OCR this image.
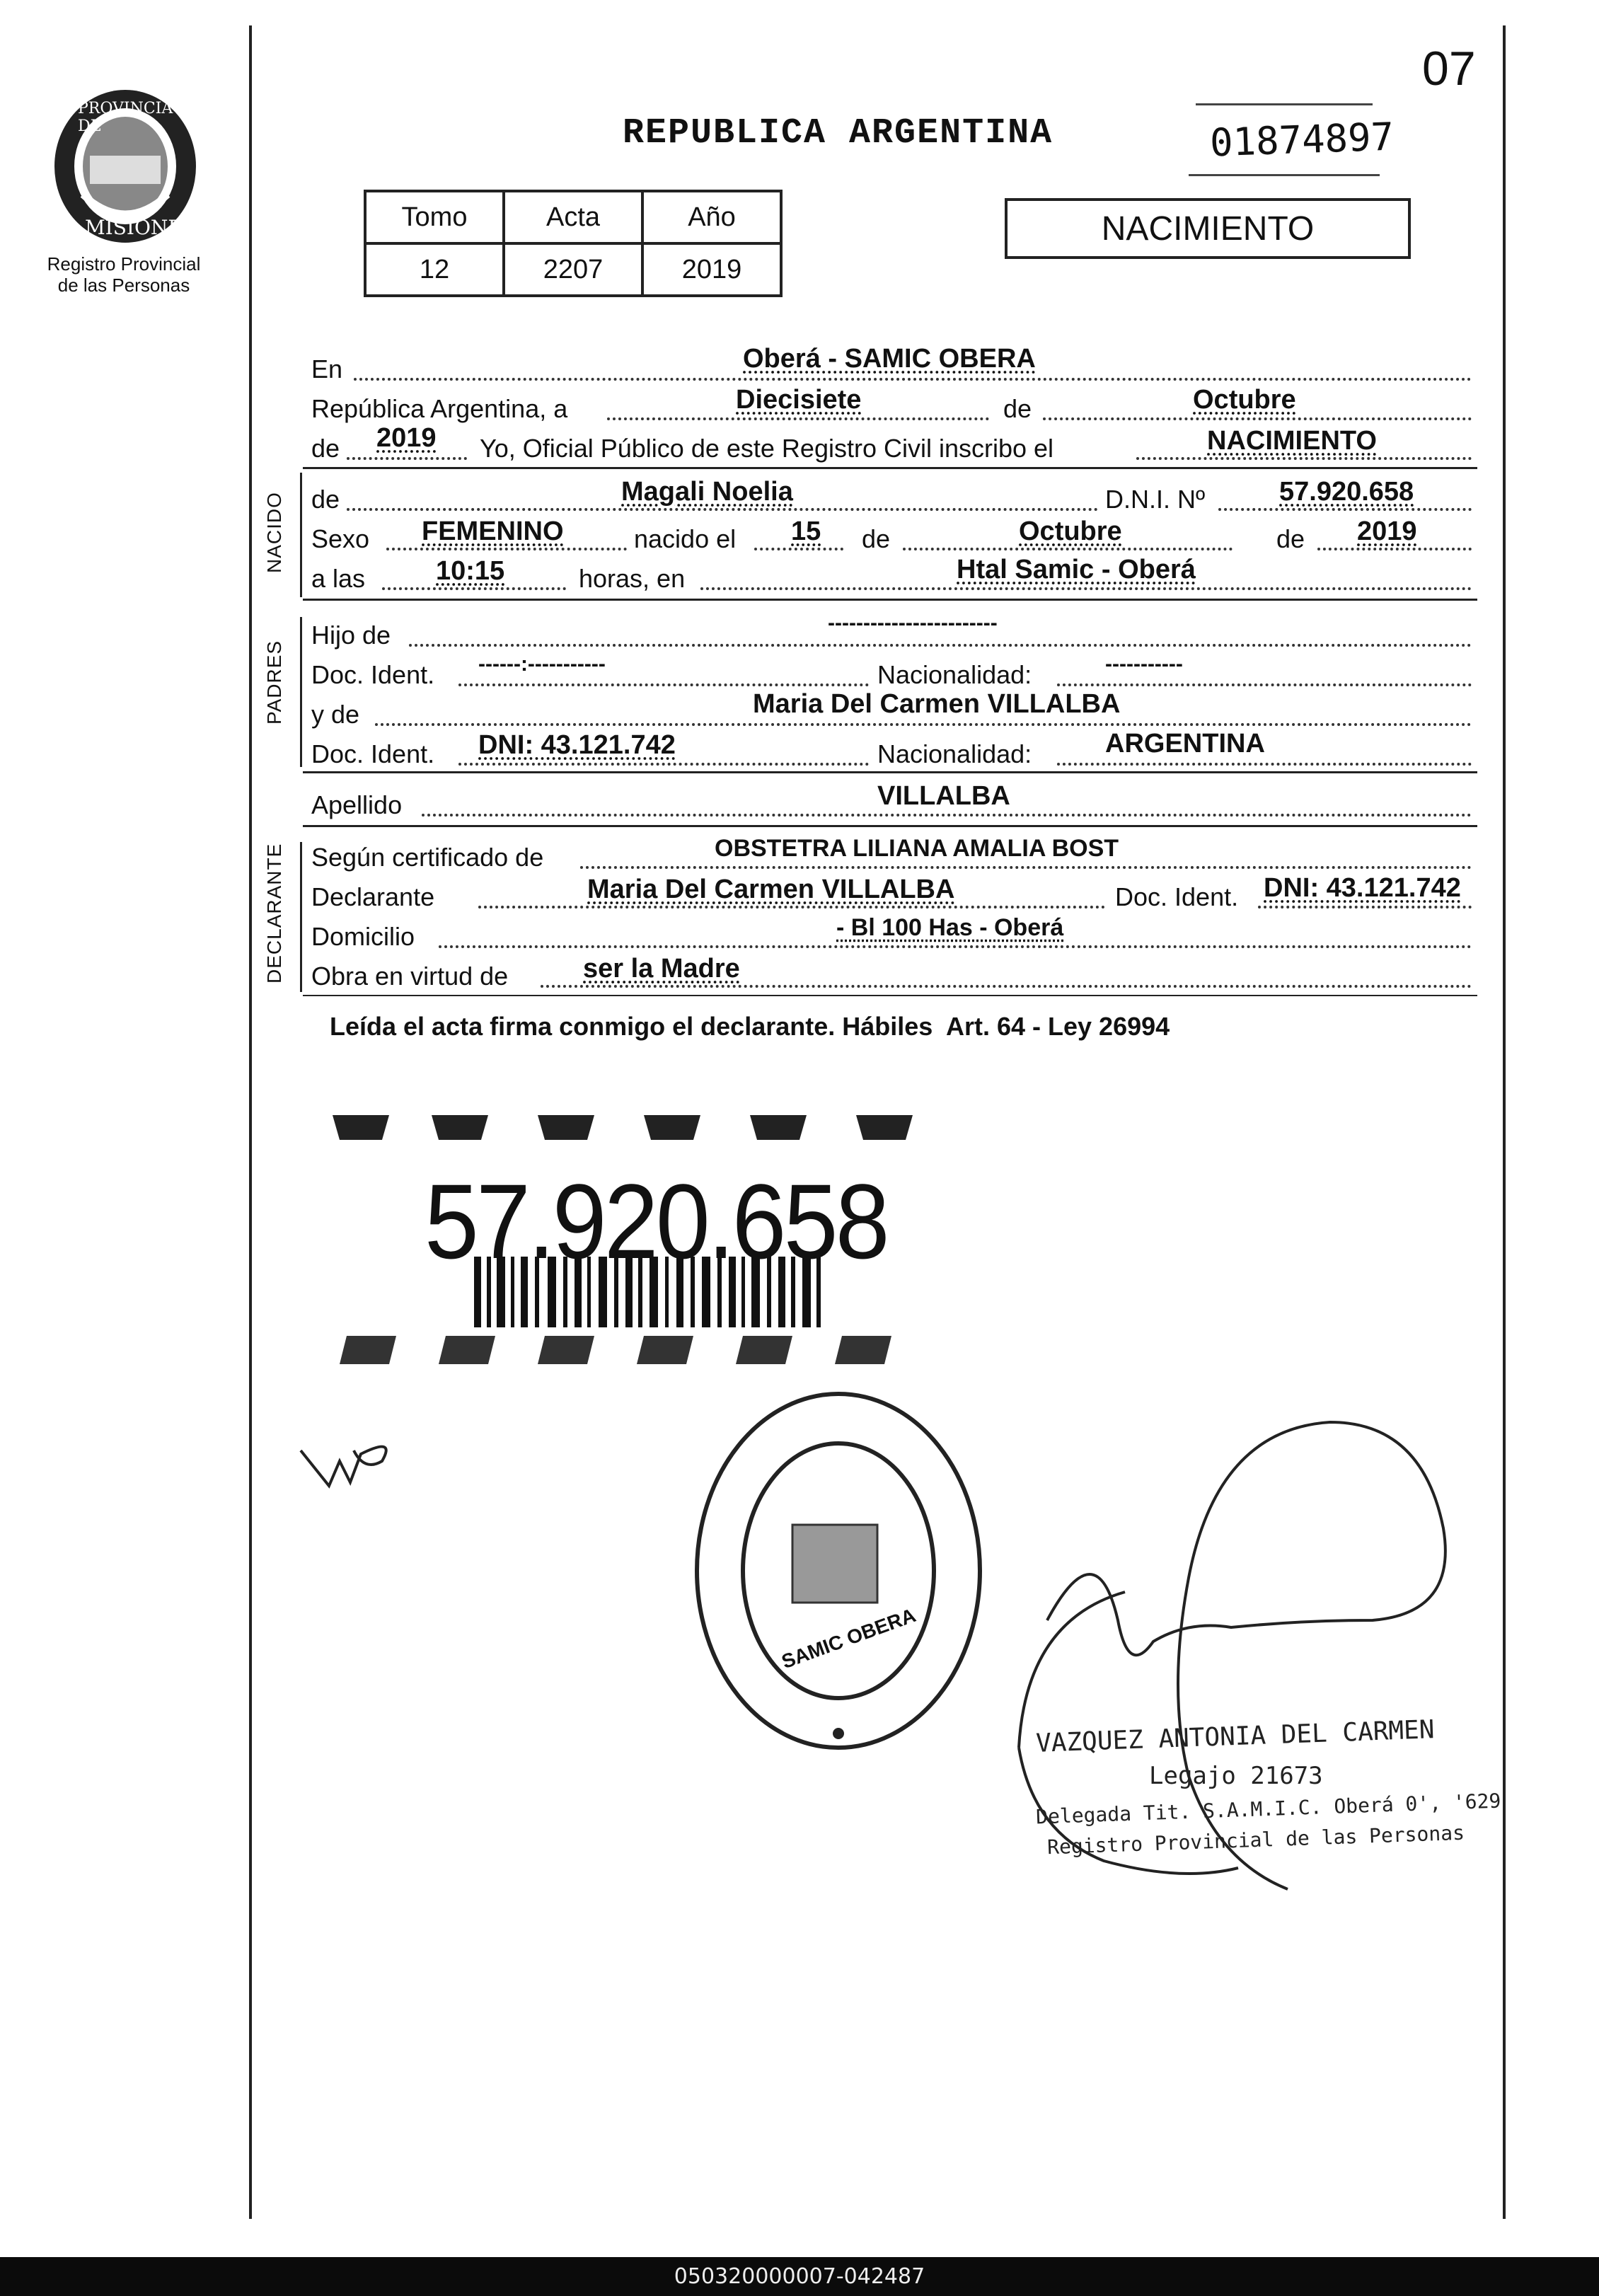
PROVINCIA DE
MISIONES
Registro Provincial
de las Personas
07
REPUBLICA ARGENTINA	01874897
Tomo	Acta	Año
12	2207	2019
NACIMIENTO
En	Oberá - SAMIC OBERA
República Argentina, a	Diecisiete	de	Octubre
de 2019 Yo, Oficial Público de este Registro Civil inscribo el	NACIMIENTO
NACIDO de	Magali Noelia	D.N.I. Nº	57.920.658
Sexo FEMENINO	nacido el 15 de	Octubre	de 2019
a las	10:15	horas, en	Htal Samic - Oberá
PADRES
Hijo de	------------------------
Doc. Ident. ------:-----------	Nacionalidad:	-----------
y de	Maria Del Carmen VILLALBA
Doc. Ident. DNI: 43.121.742	Nacionalidad:	ARGENTINA
Apellido	VILLALBA
DECLARANTE Según certificado de	OBSTETRA LILIANA AMALIA BOST
Declarante	Maria Del Carmen VILLALBA	Doc. Ident. DNI: 43.121.742
Domicilio	- Bl 100 Has - Oberá
Obra en virtud de	ser la Madre
Leída el acta firma conmigo el declarante. Hábiles  Art. 64 - Ley 26994
57.920.658
SAMIC OBERA
VAZQUEZ ANTONIA DEL CARMEN
Legajo 21673
Delegada Tit. S.A.M.I.C. Oberá 0', '629
Registro Provincial de las Personas
050320000007-042487
